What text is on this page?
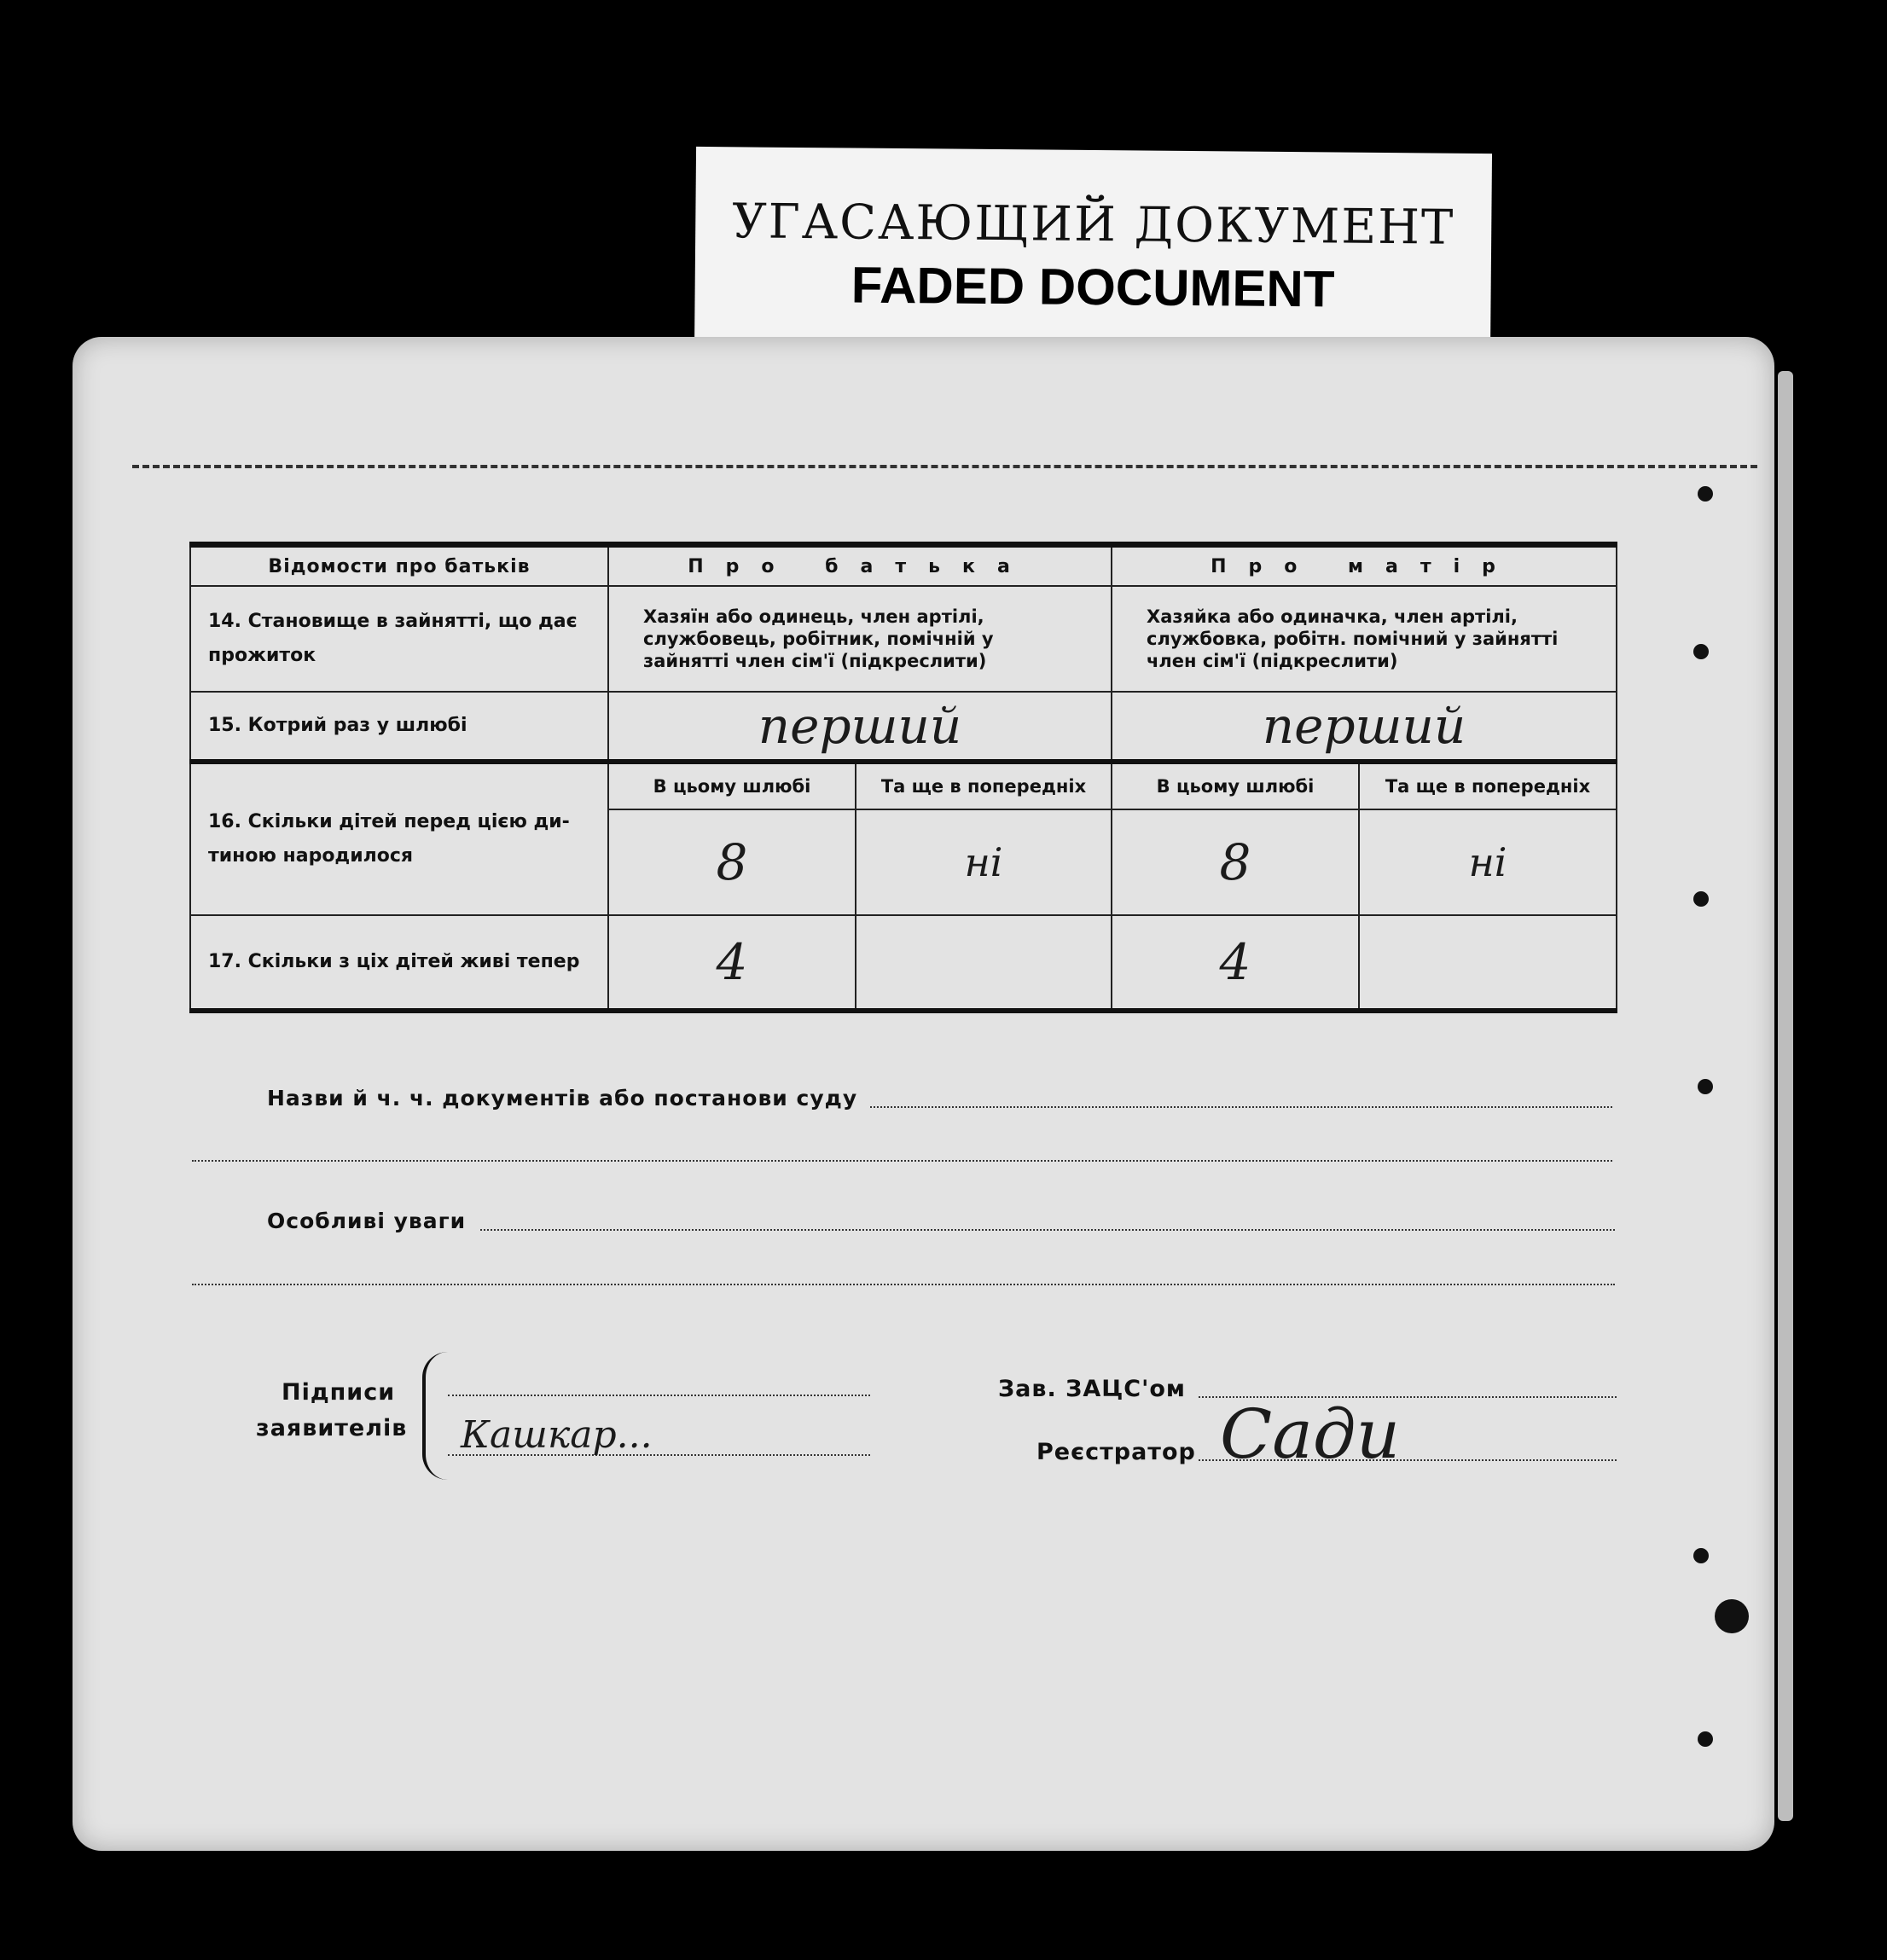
УГАСАЮЩИЙ ДОКУМЕНТ
FADED DOCUMENT
Відомости про батьків	Про батька		Про матір	

14. Становище в зайнятті, що дає
прожиток	Хазяїн або одинець, член артілі, службовець, робітник, помічній у зайнятті член сім'ї (підкреслити)		Хазяйка або одиначка, член артілі, службовка, робітн. помічний у зайнятті член сім'ї (підкреслити)	
15. Котрий раз у шлюбі	перший		перший	

16. Скільки дітей перед цією ди-
тиною народилося	В цьому шлюбі	Та ще в попередніх	В цьому шлюбі	Та ще в попередніх
	8	ні	8	ні
17. Скільки з ціх дітей живі тепер	4		4	
Назви й ч. ч. документів або постанови суду
Особливі уваги
Підписи
заявителів Кашкар...
Зав. ЗАЦС'ом
Реєстратор Сади
